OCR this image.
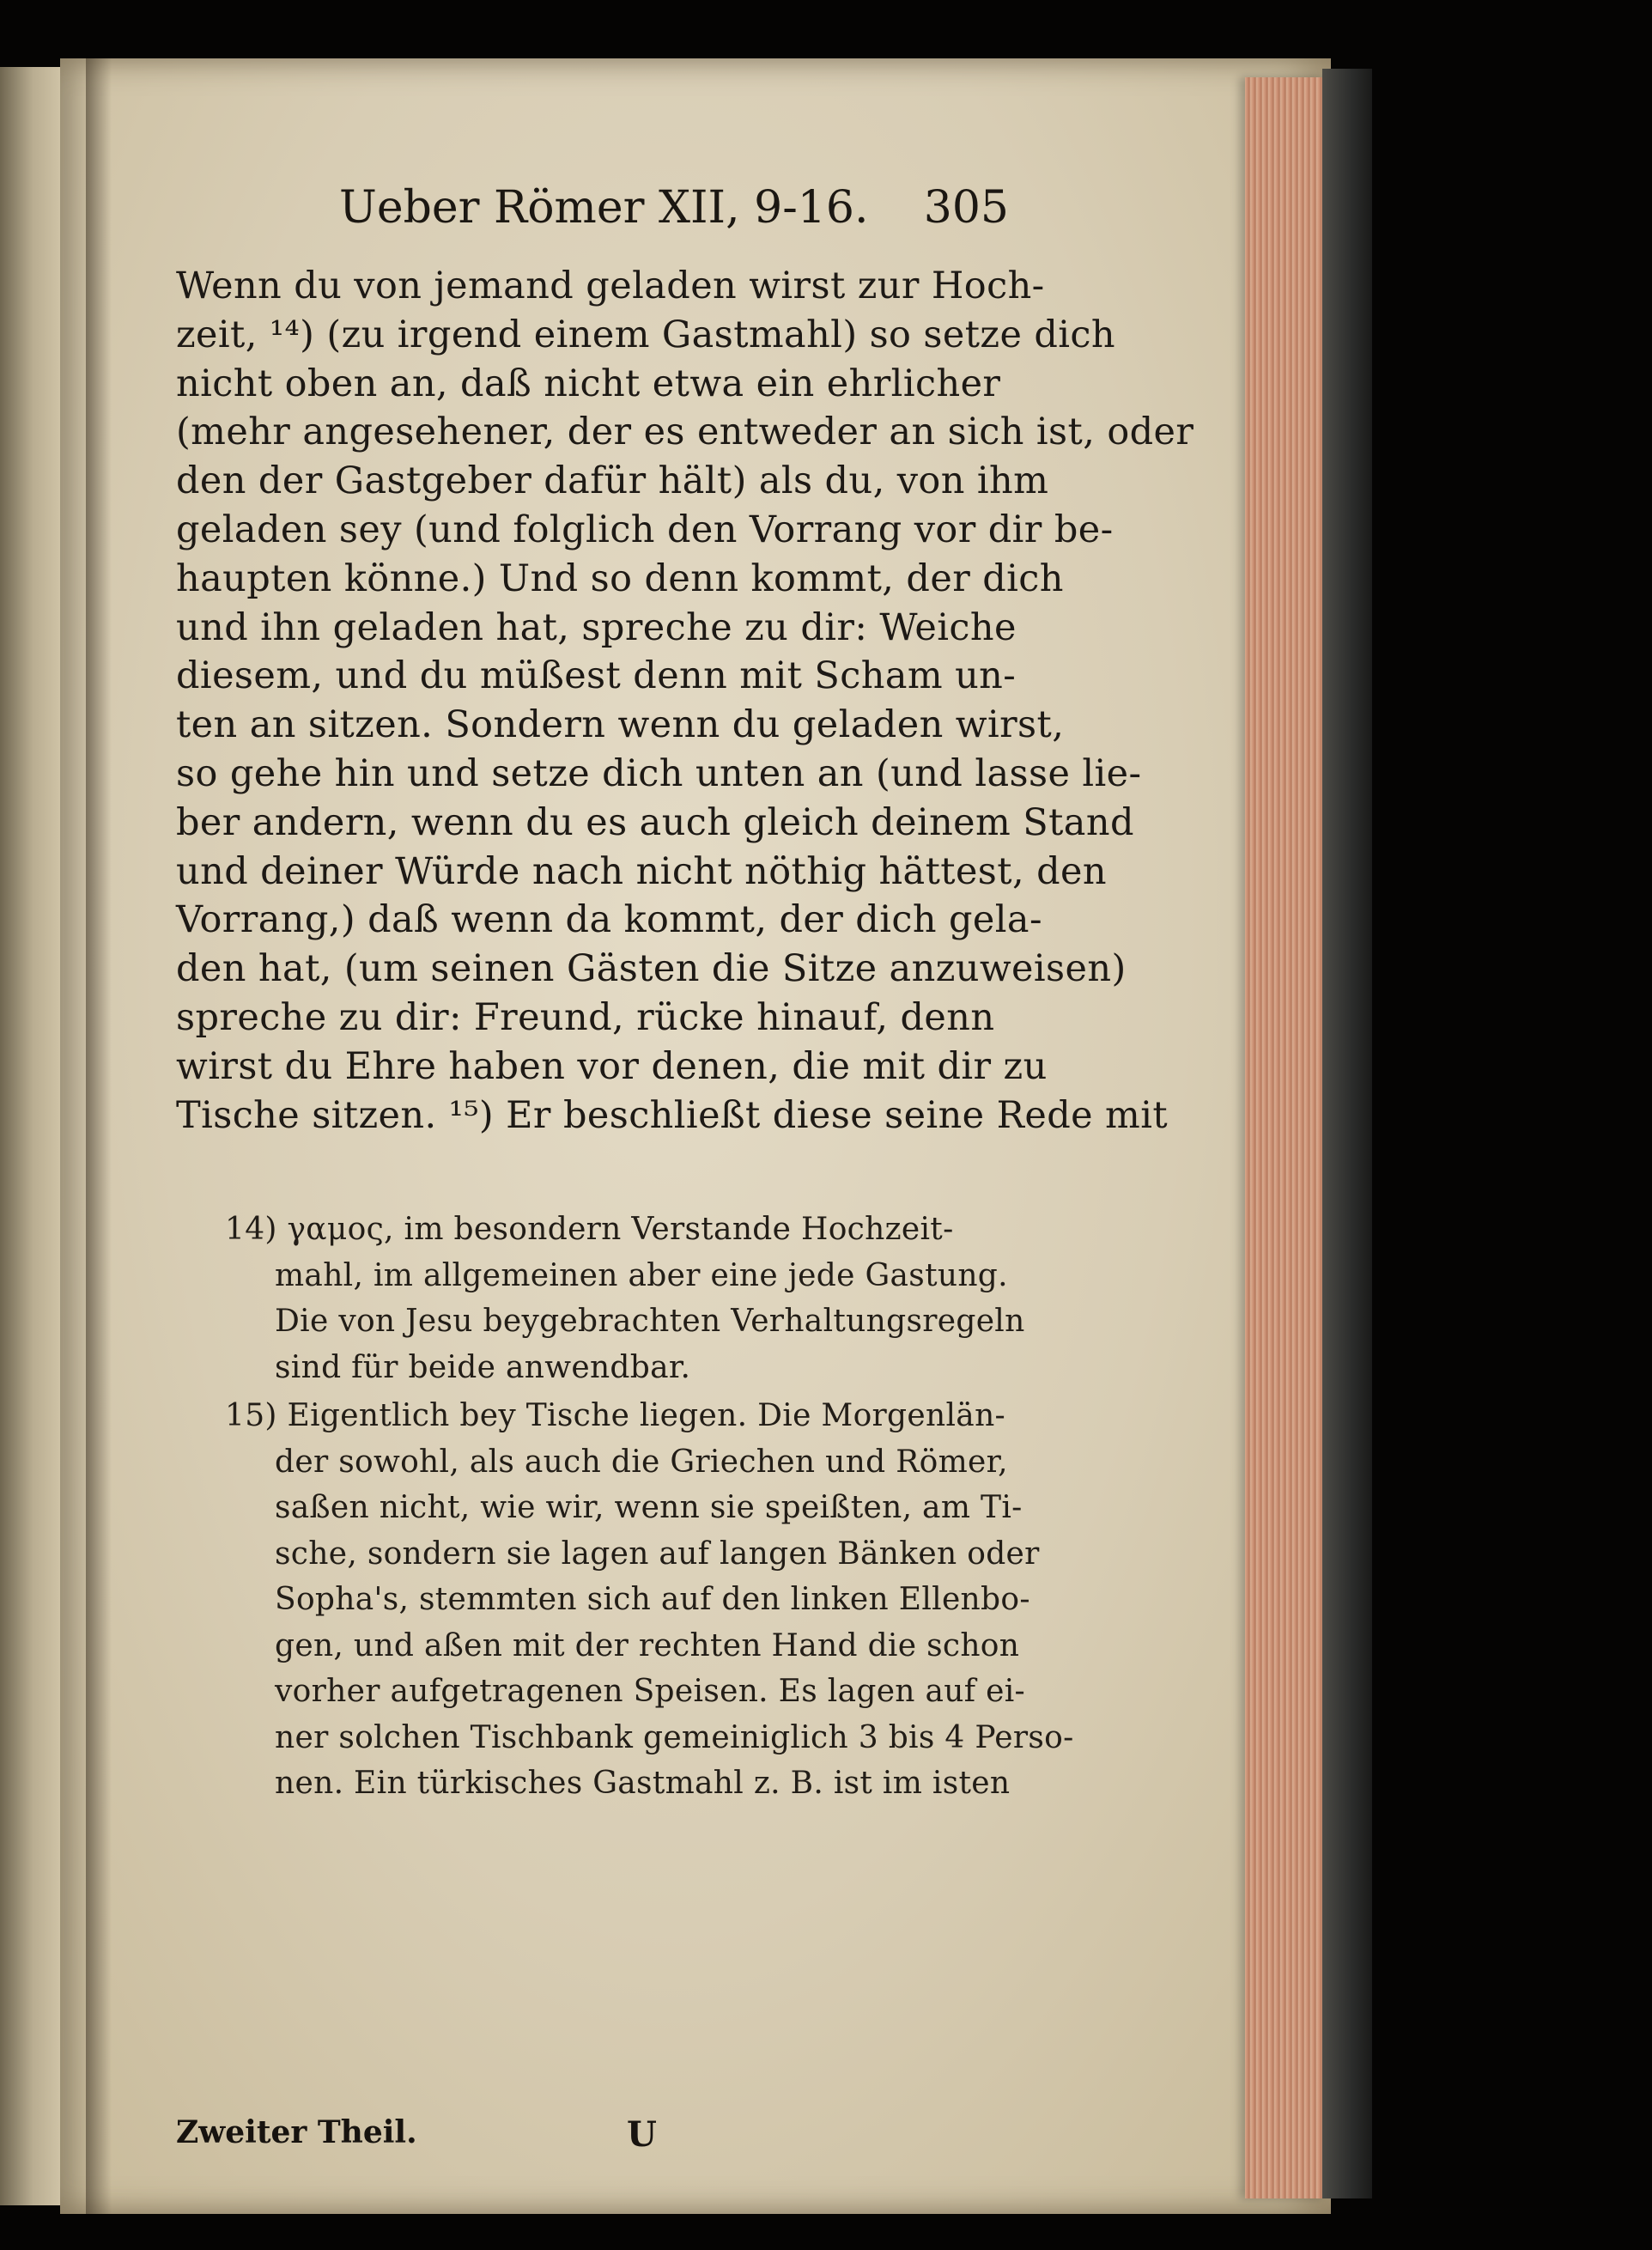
Ueber Römer XII, 9-16. 305
Wenn du von jemand geladen wirst zur Hoch-
zeit, ¹⁴) (zu irgend einem Gastmahl) so setze dich
nicht oben an, daß nicht etwa ein ehrlicher
(mehr angesehener, der es entweder an sich ist, oder
den der Gastgeber dafür hält) als du, von ihm
geladen sey (und folglich den Vorrang vor dir be-
haupten könne.) Und so denn kommt, der dich
und ihn geladen hat, spreche zu dir: Weiche
diesem, und du müßest denn mit Scham un-
ten an sitzen. Sondern wenn du geladen wirst,
so gehe hin und setze dich unten an (und lasse lie-
ber andern, wenn du es auch gleich deinem Stand
und deiner Würde nach nicht nöthig hättest, den
Vorrang,) daß wenn da kommt, der dich gela-
den hat, (um seinen Gästen die Sitze anzuweisen)
spreche zu dir: Freund, rücke hinauf, denn
wirst du Ehre haben vor denen, die mit dir zu
Tische sitzen. ¹⁵) Er beschließt diese seine Rede mit
14) γαμος, im besondern Verstande Hochzeit-
mahl, im allgemeinen aber eine jede Gastung.
Die von Jesu beygebrachten Verhaltungsregeln
sind für beide anwendbar.
15) Eigentlich bey Tische liegen. Die Morgenlän-
der sowohl, als auch die Griechen und Römer,
saßen nicht, wie wir, wenn sie speißten, am Ti-
sche, sondern sie lagen auf langen Bänken oder
Sopha's, stemmten sich auf den linken Ellenbo-
gen, und aßen mit der rechten Hand die schon
vorher aufgetragenen Speisen. Es lagen auf ei-
ner solchen Tischbank gemeiniglich 3 bis 4 Perso-
nen. Ein türkisches Gastmahl z. B. ist im isten
Zweiter Theil.	U
